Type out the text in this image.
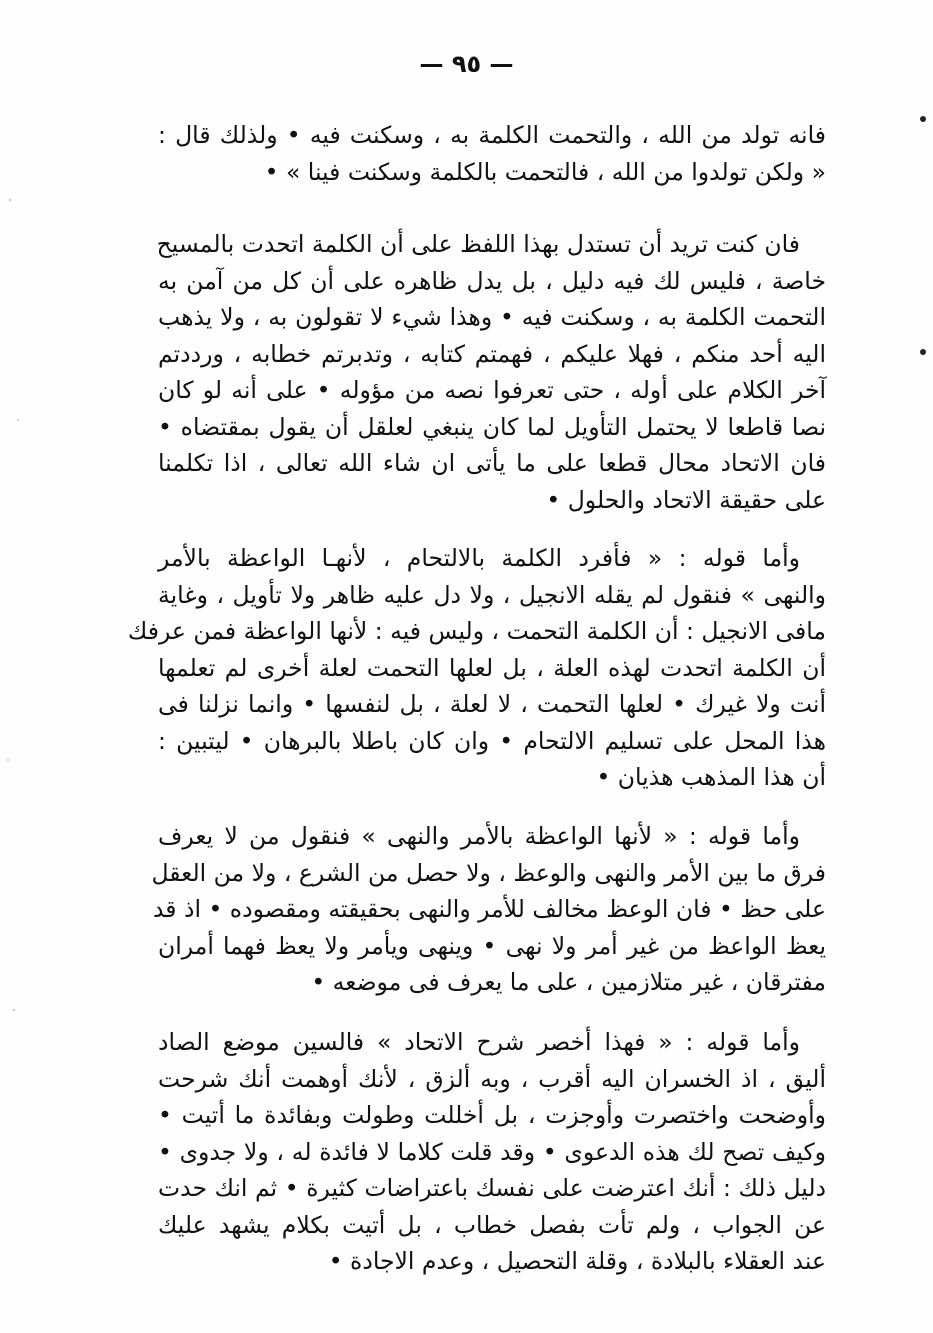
— ٩٥ —
فانه تولد من الله ، والتحمت الكلمة به ، وسكنت فيه • ولذلك قال :
« ولكن تولدوا من الله ، فالتحمت بالكلمة وسكنت فينا » •
فان كنت تريد أن تستدل بهذا اللفظ على أن الكلمة اتحدت بالمسيح
خاصة ، فليس لك فيه دليل ، بل يدل ظاهره على أن كل من آمن به
التحمت الكلمة به ، وسكنت فيه • وهذا شيء لا تقولون به ، ولا يذهب
اليه أحد منكم ، فهلا عليكم ، فهمتم كتابه ، وتدبرتم خطابه ، ورددتم
آخر الكلام على أوله ، حتى تعرفوا نصه من مؤوله • على أنه لو كان
نصا قاطعا لا يحتمل التأويل لما كان ينبغي لعلقل أن يقول بمقتضاه •
فان الاتحاد محال قطعا على ما يأتى ان شاء الله تعالى ، اذا تكلمنا
على حقيقة الاتحاد والحلول •
وأما قوله : « فأفرد الكلمة بالالتحام ، لأنهـا الواعظة بالأمر
والنهى » فنقول لم يقله الانجيل ، ولا دل عليه ظاهر ولا تأويل ، وغاية
مافى الانجيل : أن الكلمة التحمت ، وليس فيه : لأنها الواعظة فمن عرفك
أن الكلمة اتحدت لهذه العلة ، بل لعلها التحمت لعلة أخرى لم تعلمها
أنت ولا غيرك • لعلها التحمت ، لا لعلة ، بل لنفسها • وانما نزلنا فى
هذا المحل على تسليم الالتحام • وان كان باطلا بالبرهان • ليتبين :
أن هذا المذهب هذيان •
وأما قوله : « لأنها الواعظة بالأمر والنهى » فنقول من لا يعرف
فرق ما بين الأمر والنهى والوعظ ، ولا حصل من الشرع ، ولا من العقل
على حظ • فان الوعظ مخالف للأمر والنهى بحقيقته ومقصوده • اذ قد
يعظ الواعظ من غير أمر ولا نهى • وينهى ويأمر ولا يعظ فهما أمران
مفترقان ، غير متلازمين ، على ما يعرف فى موضعه •
وأما قوله : « فهذا أخصر شرح الاتحاد » فالسين موضع الصاد
أليق ، اذ الخسران اليه أقرب ، وبه ألزق ، لأنك أوهمت أنك شرحت
وأوضحت واختصرت وأوجزت ، بل أخللت وطولت وبفائدة ما أتيت •
وكيف تصح لك هذه الدعوى • وقد قلت كلاما لا فائدة له ، ولا جدوى •
دليل ذلك : أنك اعترضت على نفسك باعتراضات كثيرة • ثم انك حدت
عن الجواب ، ولم تأت بفصل خطاب ، بل أتيت بكلام يشهد عليك
عند العقلاء بالبلادة ، وقلة التحصيل ، وعدم الاجادة •
